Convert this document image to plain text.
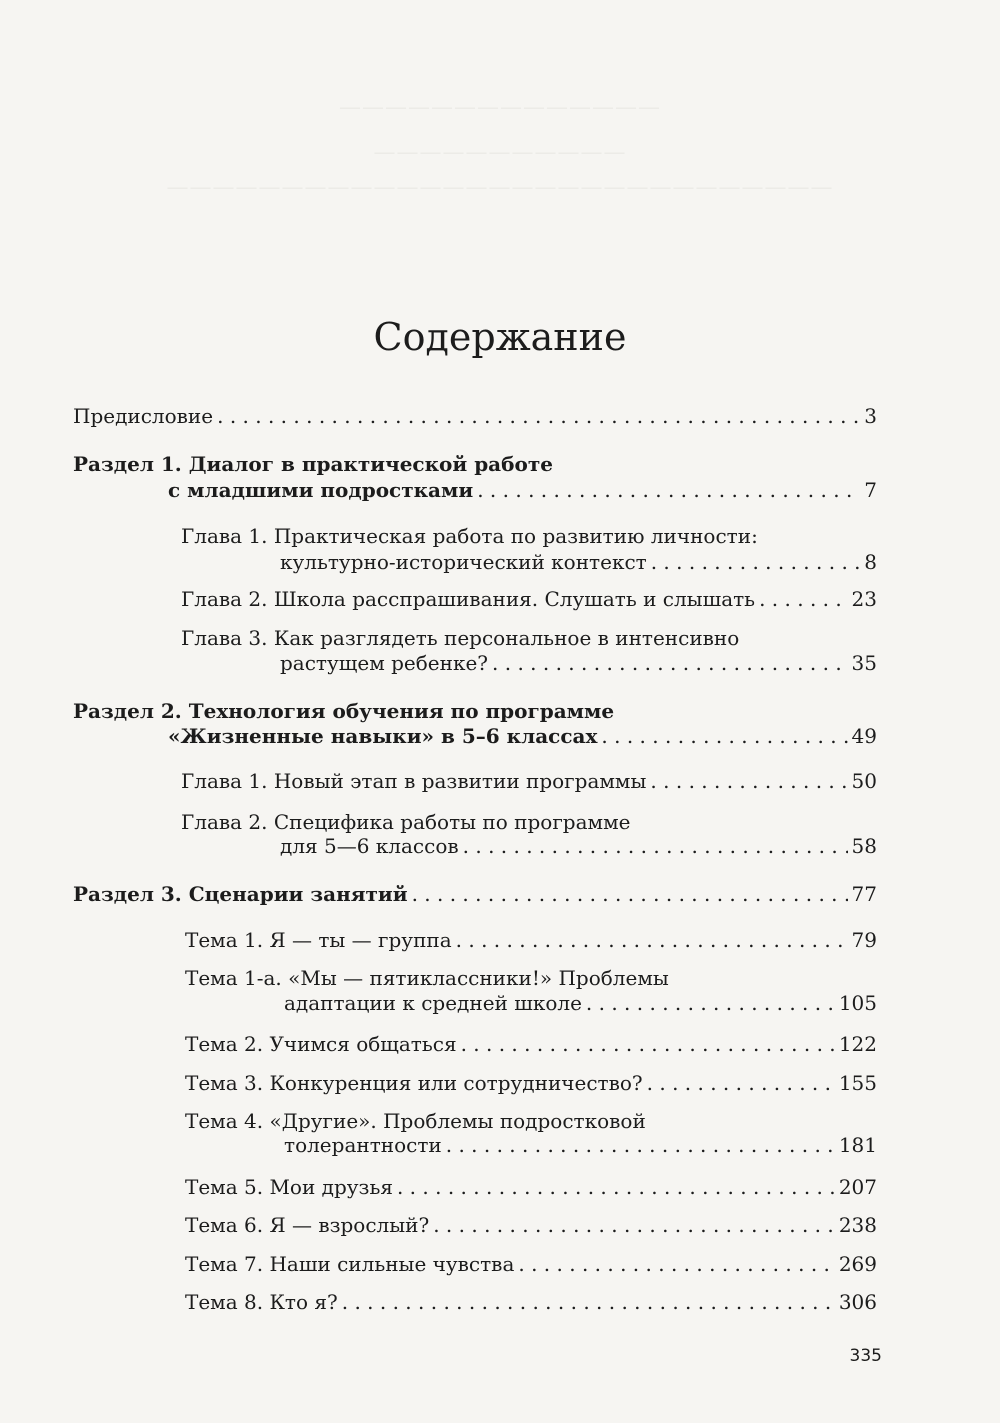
——————————————
———————————
—————————————————————————————
Содержание
Предисловие . . .	3
Раздел 1. Диалог в практической работе
с младшими подростками . . .	7
Глава 1. Практическая работа по развитию личности:
культурно-исторический контекст . . .	8
Глава 2. Школа расспрашивания. Слушать и слышать . . .	23
Глава 3. Как разглядеть персональное в интенсивно
растущем ребенке? . . .	35
Раздел 2. Технология обучения по программе
«Жизненные навыки» в 5–6 классах . . .	49
Глава 1. Новый этап в развитии программы . . .	50
Глава 2. Специфика работы по программе
для 5—6 классов . . .	58
Раздел 3. Сценарии занятий . . .	77
Тема 1. Я — ты — группа . . .	79
Тема 1-а. «Мы — пятиклассники!» Проблемы
адаптации к средней школе . . .	105
Тема 2. Учимся общаться . . .	122
Тема 3. Конкуренция или сотрудничество? . . .	155
Тема 4. «Другие». Проблемы подростковой
толерантности . . .	181
Тема 5. Мои друзья . . .	207
Тема 6. Я — взрослый? . . .	238
Тема 7. Наши сильные чувства . . .	269
Тема 8. Кто я? . . .	306
335
